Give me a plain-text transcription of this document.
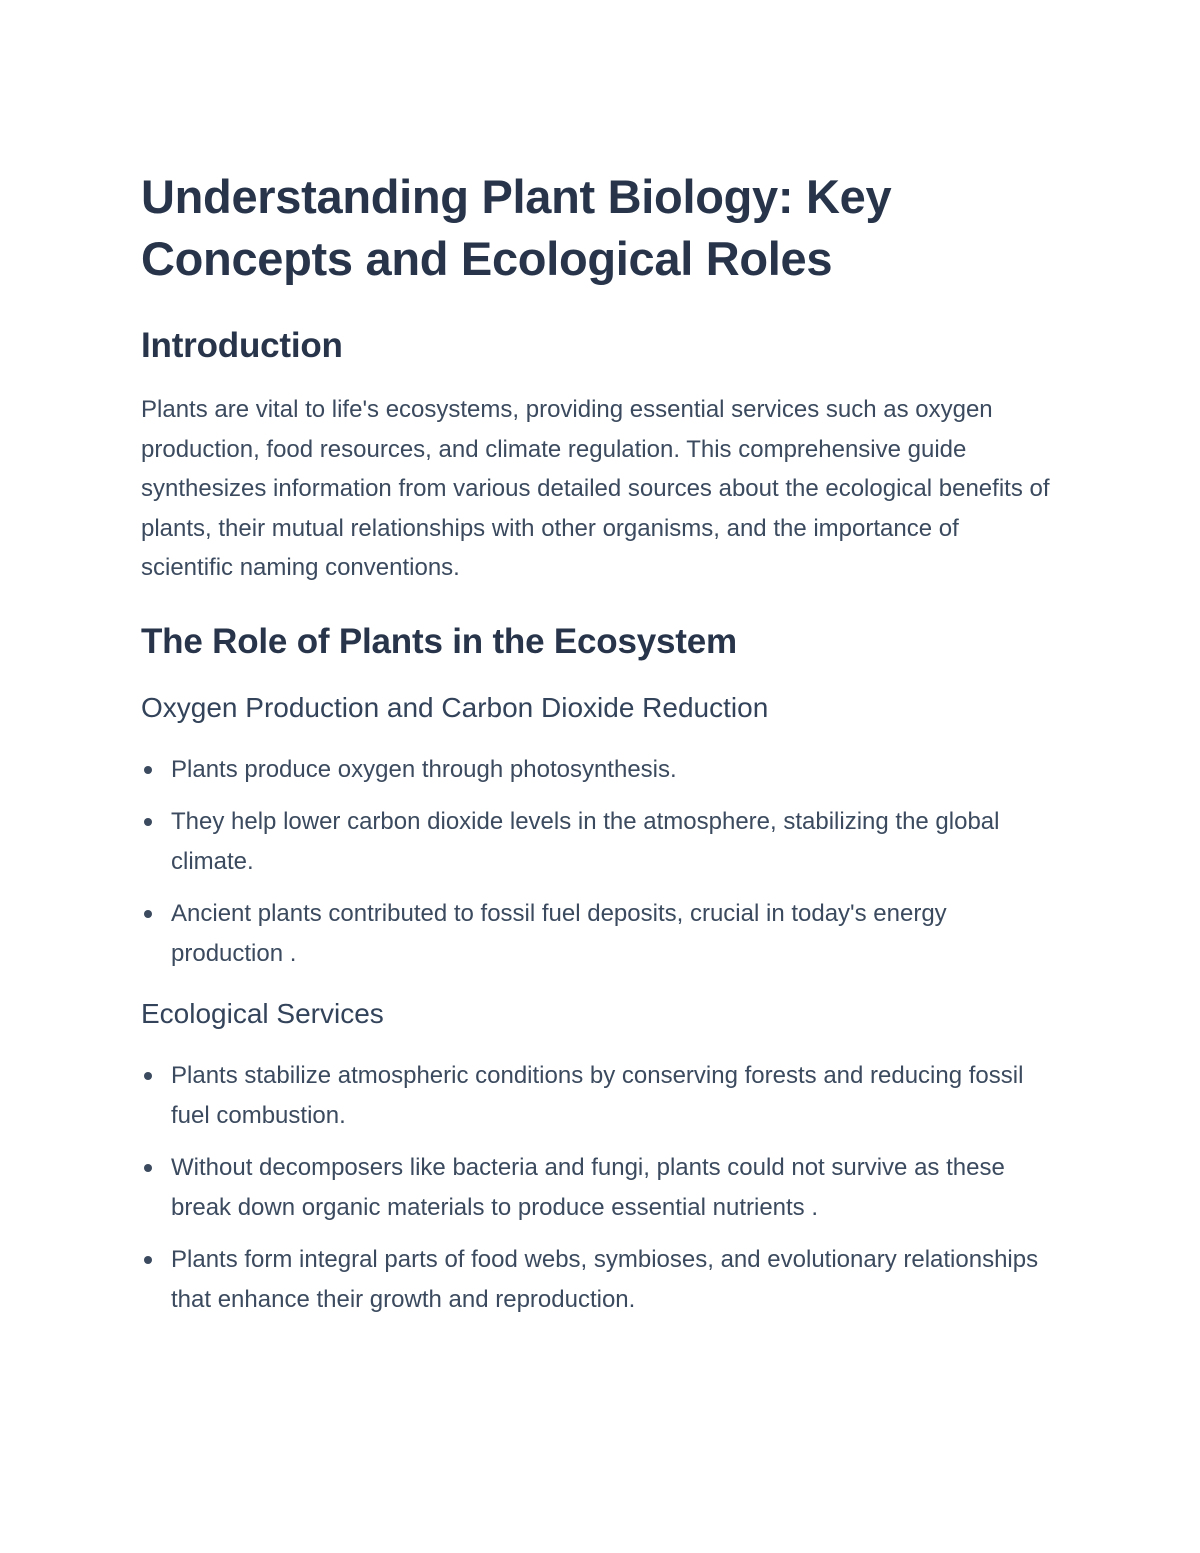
Understanding Plant Biology: Key Concepts and Ecological Roles
Introduction

Plants are vital to life's ecosystems, providing essential services such as oxygen production, food resources, and climate regulation. This comprehensive guide synthesizes information from various detailed sources about the ecological benefits of plants, their mutual relationships with other organisms, and the importance of scientific naming conventions.

The Role of Plants in the Ecosystem
Oxygen Production and Carbon Dioxide Reduction
Plants produce oxygen through photosynthesis.
They help lower carbon dioxide levels in the atmosphere, stabilizing the global climate.
Ancient plants contributed to fossil fuel deposits, crucial in today's energy production .
Ecological Services
Plants stabilize atmospheric conditions by conserving forests and reducing fossil fuel combustion.
Without decomposers like bacteria and fungi, plants could not survive as these break down organic materials to produce essential nutrients .
Plants form integral parts of food webs, symbioses, and evolutionary relationships that enhance their growth and reproduction.
